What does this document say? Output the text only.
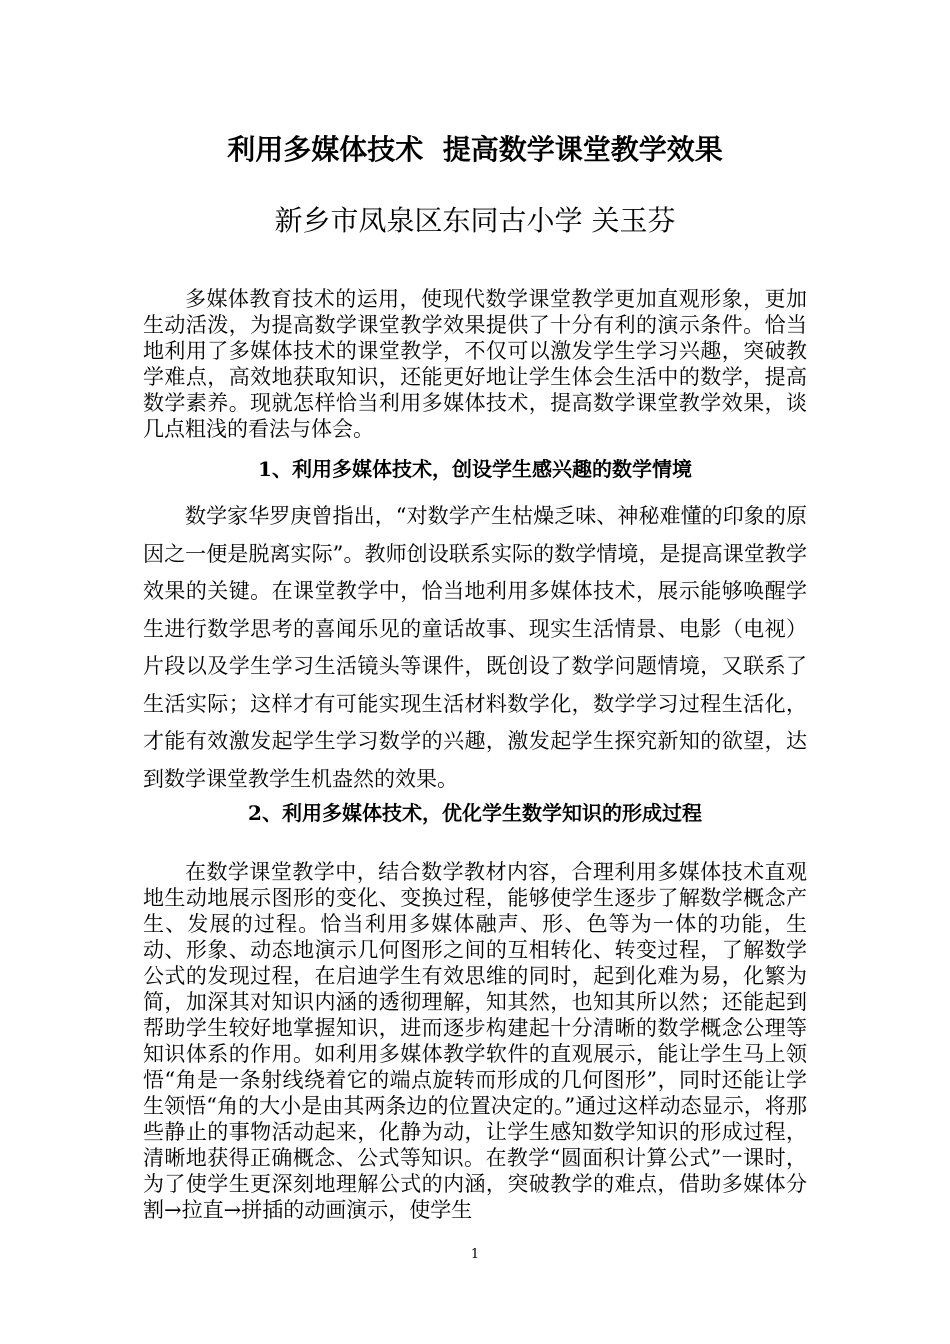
利用多媒体技术  提高数学课堂教学效果
新乡市凤泉区东同古小学 关玉芬

多媒体教育技术的运用，使现代数学课堂教学更加直观形象，更加生动活泼，为提高数学课堂教学效果提供了十分有利的演示条件。恰当地利用了多媒体技术的课堂教学，不仅可以激发学生学习兴趣，突破教学难点，高效地获取知识，还能更好地让学生体会生活中的数学，提高数学素养。现就怎样恰当利用多媒体技术，提高数学课堂教学效果，谈几点粗浅的看法与体会。

1、利用多媒体技术，创设学生感兴趣的数学情境

数学家华罗庚曾指出，“对数学产生枯燥乏味、神秘难懂的印象的原因之一便是脱离实际”。教师创设联系实际的数学情境，是提高课堂教学效果的关键。在课堂教学中，恰当地利用多媒体技术，展示能够唤醒学生进行数学思考的喜闻乐见的童话故事、现实生活情景、电影（电视）片段以及学生学习生活镜头等课件，既创设了数学问题情境，又联系了生活实际；这样才有可能实现生活材料数学化，数学学习过程生活化，才能有效激发起学生学习数学的兴趣，激发起学生探究新知的欲望，达到数学课堂教学生机盎然的效果。

2、利用多媒体技术，优化学生数学知识的形成过程

在数学课堂教学中，结合数学教材内容，合理利用多媒体技术直观地生动地展示图形的变化、变换过程，能够使学生逐步了解数学概念产生、发展的过程。恰当利用多媒体融声、形、色等为一体的功能，生动、形象、动态地演示几何图形之间的互相转化、转变过程，了解数学公式的发现过程，在启迪学生有效思维的同时，起到化难为易，化繁为简，加深其对知识内涵的透彻理解，知其然，也知其所以然；还能起到帮助学生较好地掌握知识，进而逐步构建起十分清晰的数学概念公理等知识体系的作用。如利用多媒体教学软件的直观展示，能让学生马上领悟“角是一条射线绕着它的端点旋转而形成的几何图形”，同时还能让学生领悟“角的大小是由其两条边的位置决定的。”通过这样动态显示，将那些静止的事物活动起来，化静为动，让学生感知数学知识的形成过程，清晰地获得正确概念、公式等知识。在教学“圆面积计算公式”一课时，为了使学生更深刻地理解公式的内涵，突破教学的难点，借助多媒体分割→拉直→拼插的动画演示，使学生

1
